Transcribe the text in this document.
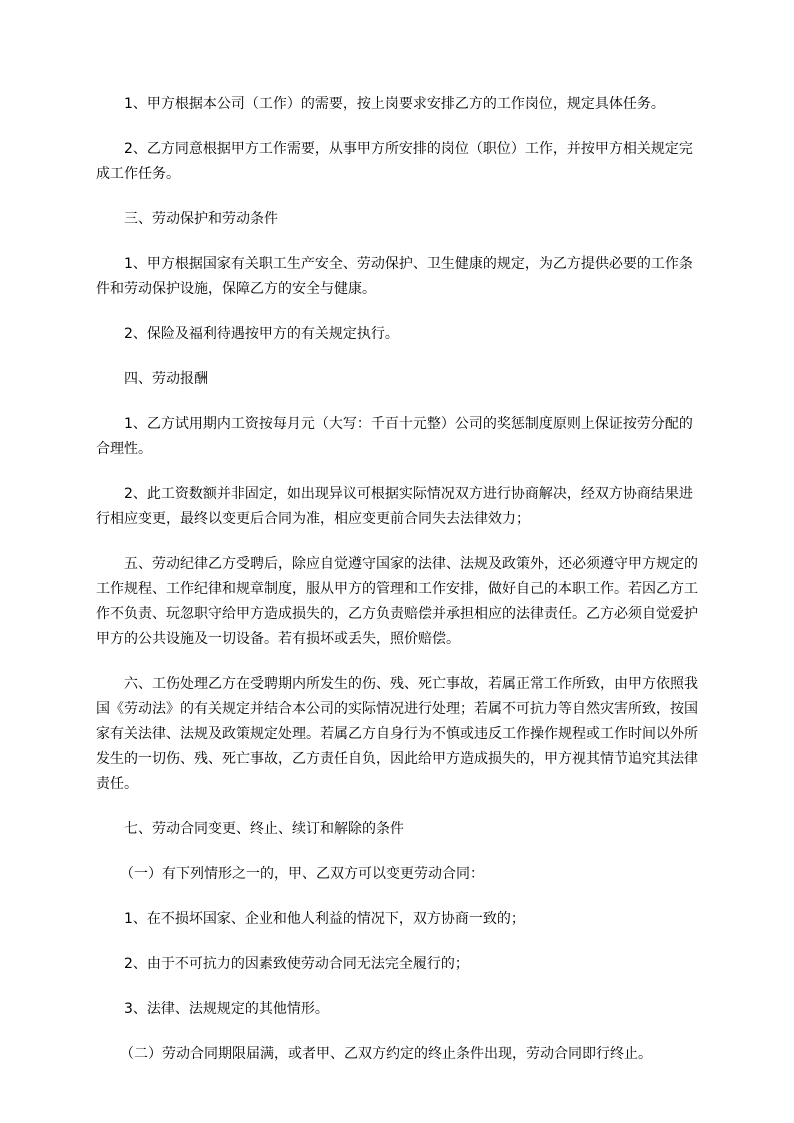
1、甲方根据本公司（工作）的需要，按上岗要求安排乙方的工作岗位，规定具体任务。

2、乙方同意根据甲方工作需要，从事甲方所安排的岗位（职位）工作，并按甲方相关规定完成工作任务。

三、劳动保护和劳动条件

1、甲方根据国家有关职工生产安全、劳动保护、卫生健康的规定，为乙方提供必要的工作条件和劳动保护设施，保障乙方的安全与健康。

2、保险及福利待遇按甲方的有关规定执行。

四、劳动报酬

1、乙方试用期内工资按每月元（大写：千百十元整）公司的奖惩制度原则上保证按劳分配的合理性。

2、此工资数额并非固定，如出现异议可根据实际情况双方进行协商解决，经双方协商结果进行相应变更，最终以变更后合同为准，相应变更前合同失去法律效力；

五、劳动纪律乙方受聘后，除应自觉遵守国家的法律、法规及政策外，还必须遵守甲方规定的工作规程、工作纪律和规章制度，服从甲方的管理和工作安排，做好自己的本职工作。若因乙方工作不负责、玩忽职守给甲方造成损失的，乙方负责赔偿并承担相应的法律责任。乙方必须自觉爱护甲方的公共设施及一切设备。若有损坏或丢失，照价赔偿。

六、工伤处理乙方在受聘期内所发生的伤、残、死亡事故，若属正常工作所致，由甲方依照我国《劳动法》的有关规定并结合本公司的实际情况进行处理；若属不可抗力等自然灾害所致，按国家有关法律、法规及政策规定处理。若属乙方自身行为不慎或违反工作操作规程或工作时间以外所发生的一切伤、残、死亡事故，乙方责任自负，因此给甲方造成损失的，甲方视其情节追究其法律责任。

七、劳动合同变更、终止、续订和解除的条件

（一）有下列情形之一的，甲、乙双方可以变更劳动合同：

1、在不损坏国家、企业和他人利益的情况下，双方协商一致的；

2、由于不可抗力的因素致使劳动合同无法完全履行的；

3、法律、法规规定的其他情形。

（二）劳动合同期限届满，或者甲、乙双方约定的终止条件出现，劳动合同即行终止。
